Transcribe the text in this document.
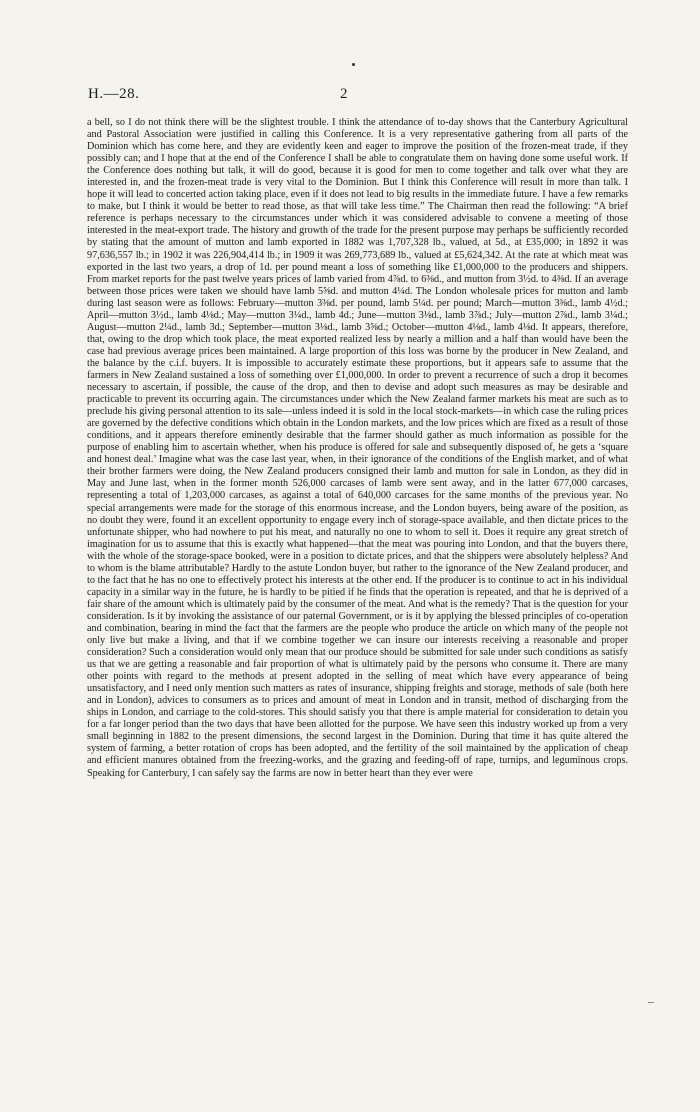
H.—28.	2
a bell, so I do not think there will be the slightest trouble. I think the attendance of to-day shows that the Canterbury Agricultural and Pastoral Association were justified in calling this Conference. It is a very representative gathering from all parts of the Dominion which has come here, and they are evidently keen and eager to improve the position of the frozen-meat trade, if they possibly can; and I hope that at the end of the Conference I shall be able to congratulate them on having done some useful work. If the Conference does nothing but talk, it will do good, because it is good for men to come together and talk over what they are interested in, and the frozen-meat trade is very vital to the Dominion. But I think this Conference will result in more than talk. I hope it will lead to concerted action taking place, even if it does not lead to big results in the immediate future. I have a few remarks to make, but I think it would be better to read those, as that will take less time.” The Chairman then read the following: “A brief reference is perhaps necessary to the circumstances under which it was considered advisable to convene a meeting of those interested in the meat-export trade. The history and growth of the trade for the present purpose may perhaps be sufficiently recorded by stating that the amount of mutton and lamb exported in 1882 was 1,707,328 lb., valued, at 5d., at £35,000; in 1892 it was 97,636,557 lb.; in 1902 it was 226,904,414 lb.; in 1909 it was 269,773,689 lb., valued at £5,624,342. At the rate at which meat was exported in the last two years, a drop of 1d. per pound meant a loss of something like £1,000,000 to the producers and shippers. From market reports for the past twelve years prices of lamb varied from 4⅞d. to 6⅜d., and mutton from 3½d. to 4⅜d. If an average between those prices were taken we should have lamb 5⅝d. and mutton 4¼d. The London wholesale prices for mutton and lamb during last season were as follows: February—mutton 3⅜d. per pound, lamb 5¼d. per pound; March—mutton 3⅜d., lamb 4½d.; April—mutton 3½d., lamb 4⅛d.; May—mutton 3¼d., lamb 4d.; June—mutton 3⅛d., lamb 3⅞d.; July—mutton 2⅞d., lamb 3¼d.; August—mutton 2¼d., lamb 3d.; September—mutton 3⅛d., lamb 3⅝d.; October—mutton 4⅛d., lamb 4⅛d. It appears, therefore, that, owing to the drop which took place, the meat exported realized less by nearly a million and a half than would have been the case had previous average prices been maintained. A large proportion of this loss was borne by the producer in New Zealand, and the balance by the c.i.f. buyers. It is impossible to accurately estimate these proportions, but it appears safe to assume that the farmers in New Zealand sustained a loss of something over £1,000,000. In order to prevent a recurrence of such a drop it becomes necessary to ascertain, if possible, the cause of the drop, and then to devise and adopt such measures as may be desirable and practicable to prevent its occurring again. The circumstances under which the New Zealand farmer markets his meat are such as to preclude his giving personal attention to its sale—unless indeed it is sold in the local stock-markets—in which case the ruling prices are governed by the defective conditions which obtain in the London markets, and the low prices which are fixed as a result of those conditions, and it appears therefore eminently desirable that the farmer should gather as much information as possible for the purpose of enabling him to ascertain whether, when his produce is offered for sale and subsequently disposed of, he gets a ‘square and honest deal.’ Imagine what was the case last year, when, in their ignorance of the conditions of the English market, and of what their brother farmers were doing, the New Zealand producers consigned their lamb and mutton for sale in London, as they did in May and June last, when in the former month 526,000 carcases of lamb were sent away, and in the latter 677,000 carcases, representing a total of 1,203,000 carcases, as against a total of 640,000 carcases for the same months of the previous year. No special arrangements were made for the storage of this enormous increase, and the London buyers, being aware of the position, as no doubt they were, found it an excellent opportunity to engage every inch of storage-space available, and then dictate prices to the unfortunate shipper, who had nowhere to put his meat, and naturally no one to whom to sell it. Does it require any great stretch of imagination for us to assume that this is exactly what happened—that the meat was pouring into London, and that the buyers there, with the whole of the storage-space booked, were in a position to dictate prices, and that the shippers were absolutely helpless? And to whom is the blame attributable? Hardly to the astute London buyer, but rather to the ignorance of the New Zealand producer, and to the fact that he has no one to effectively protect his interests at the other end. If the producer is to continue to act in his individual capacity in a similar way in the future, he is hardly to be pitied if he finds that the operation is repeated, and that he is deprived of a fair share of the amount which is ultimately paid by the consumer of the meat. And what is the remedy? That is the question for your consideration. Is it by invoking the assistance of our paternal Government, or is it by applying the blessed principles of co-operation and combination, bearing in mind the fact that the farmers are the people who produce the article on which many of the people not only live but make a living, and that if we combine together we can insure our interests receiving a reasonable and proper consideration? Such a consideration would only mean that our produce should be submitted for sale under such conditions as satisfy us that we are getting a reasonable and fair proportion of what is ultimately paid by the persons who consume it. There are many other points with regard to the methods at present adopted in the selling of meat which have every appearance of being unsatisfactory, and I need only mention such matters as rates of insurance, shipping freights and storage, methods of sale (both here and in London), advices to consumers as to prices and amount of meat in London and in transit, method of discharging from the ships in London, and carriage to the cold-stores. This should satisfy you that there is ample material for consideration to detain you for a far longer period than the two days that have been allotted for the purpose. We have seen this industry worked up from a very small beginning in 1882 to the present dimensions, the second largest in the Dominion. During that time it has quite altered the system of farming, a better rotation of crops has been adopted, and the fertility of the soil maintained by the application of cheap and efficient manures obtained from the freezing-works, and the grazing and feeding-off of rape, turnips, and leguminous crops. Speaking for Canterbury, I can safely say the farms are now in better heart than they ever were
